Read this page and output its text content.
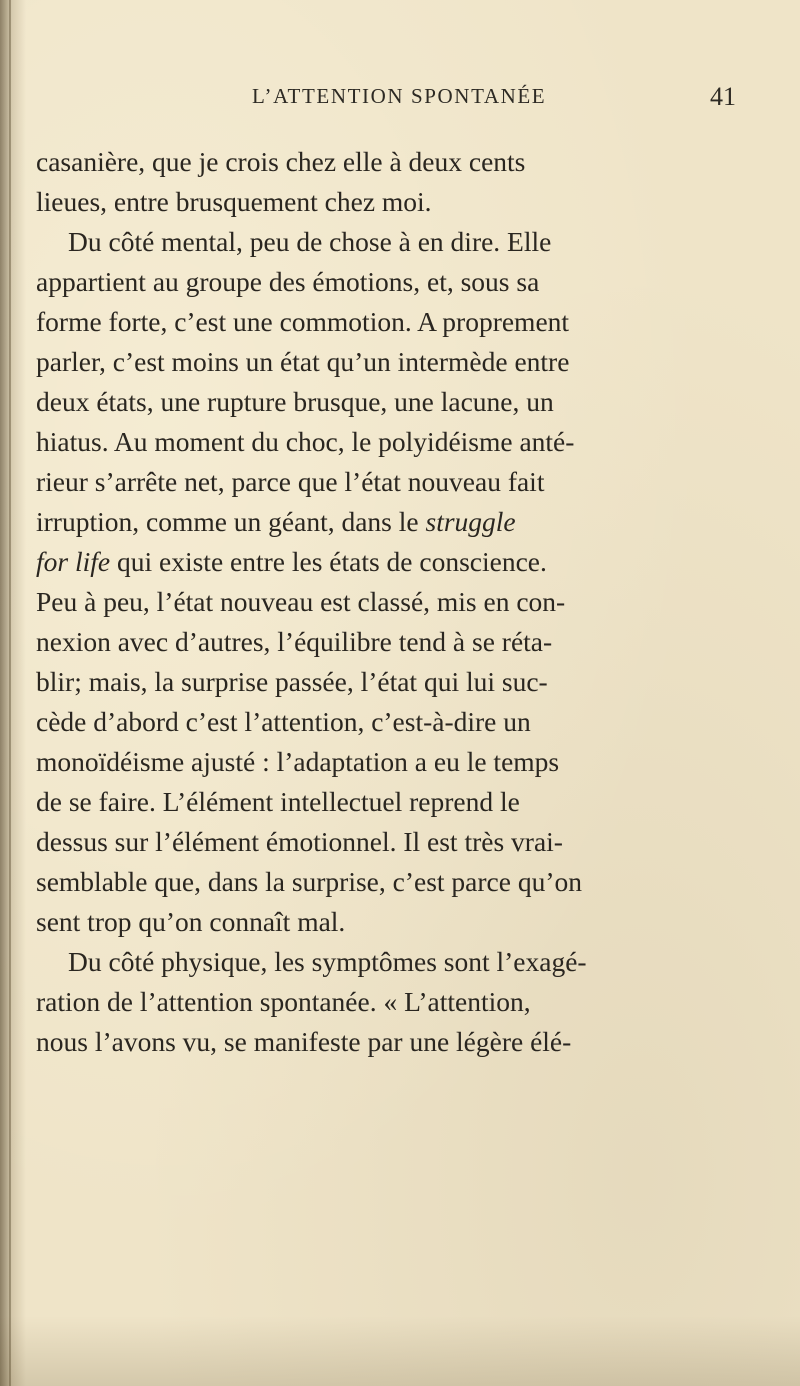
L’ATTENTION SPONTANÉE	41
casanière, que je crois chez elle à deux cents
lieues, entre brusquement chez moi.
Du côté mental, peu de chose à en dire. Elle
appartient au groupe des émotions, et, sous sa
forme forte, c’est une commotion. A proprement
parler, c’est moins un état qu’un intermède entre
deux états, une rupture brusque, une lacune, un
hiatus. Au moment du choc, le polyidéisme anté-
rieur s’arrête net, parce que l’état nouveau fait
irruption, comme un géant, dans le struggle
for life qui existe entre les états de conscience.
Peu à peu, l’état nouveau est classé, mis en con-
nexion avec d’autres, l’équilibre tend à se réta-
blir; mais, la surprise passée, l’état qui lui suc-
cède d’abord c’est l’attention, c’est-à-dire un
monoïdéisme ajusté : l’adaptation a eu le temps
de se faire. L’élément intellectuel reprend le
dessus sur l’élément émotionnel. Il est très vrai-
semblable que, dans la surprise, c’est parce qu’on
sent trop qu’on connaît mal.
Du côté physique, les symptômes sont l’exagé-
ration de l’attention spontanée. « L’attention,
nous l’avons vu, se manifeste par une légère élé-
